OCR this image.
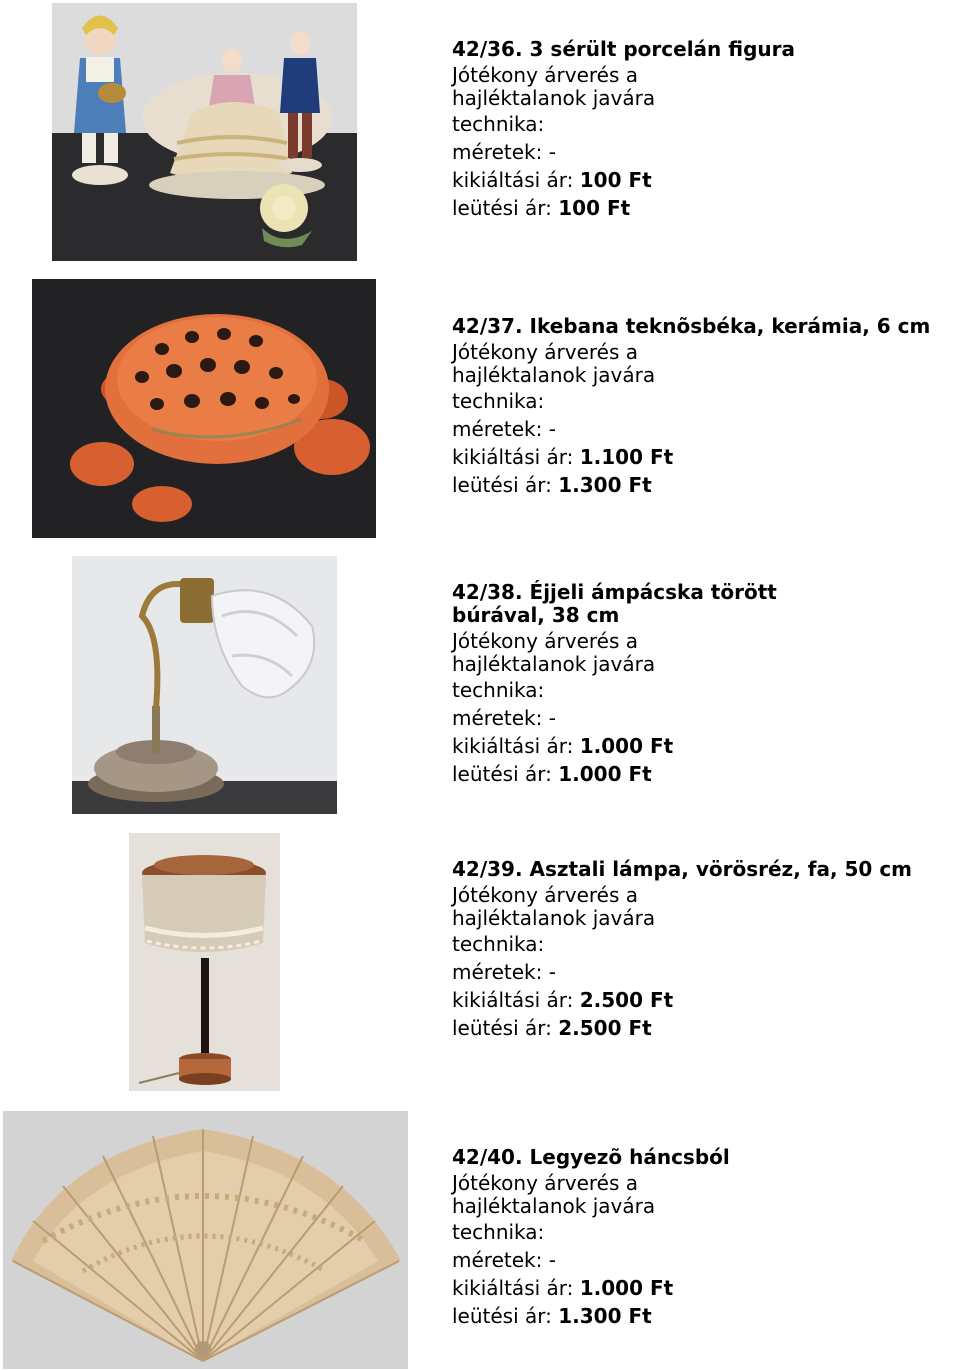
42/36. 3 sérült porcelán figura
Jótékony árverés a
hajléktalanok javára
technika:
méretek: -
kikiáltási ár: 100 Ft
leütési ár: 100 Ft
42/37. Ikebana teknõsbéka, kerámia, 6 cm
Jótékony árverés a
hajléktalanok javára
technika:
méretek: -
kikiáltási ár: 1.100 Ft
leütési ár: 1.300 Ft
42/38. Éjjeli ámpácska törött búrával, 38 cm
Jótékony árverés a
hajléktalanok javára
technika:
méretek: -
kikiáltási ár: 1.000 Ft
leütési ár: 1.000 Ft
42/39. Asztali lámpa, vörösréz, fa, 50 cm
Jótékony árverés a
hajléktalanok javára
technika:
méretek: -
kikiáltási ár: 2.500 Ft
leütési ár: 2.500 Ft
42/40. Legyezõ háncsból
Jótékony árverés a
hajléktalanok javára
technika:
méretek: -
kikiáltási ár: 1.000 Ft
leütési ár: 1.300 Ft
